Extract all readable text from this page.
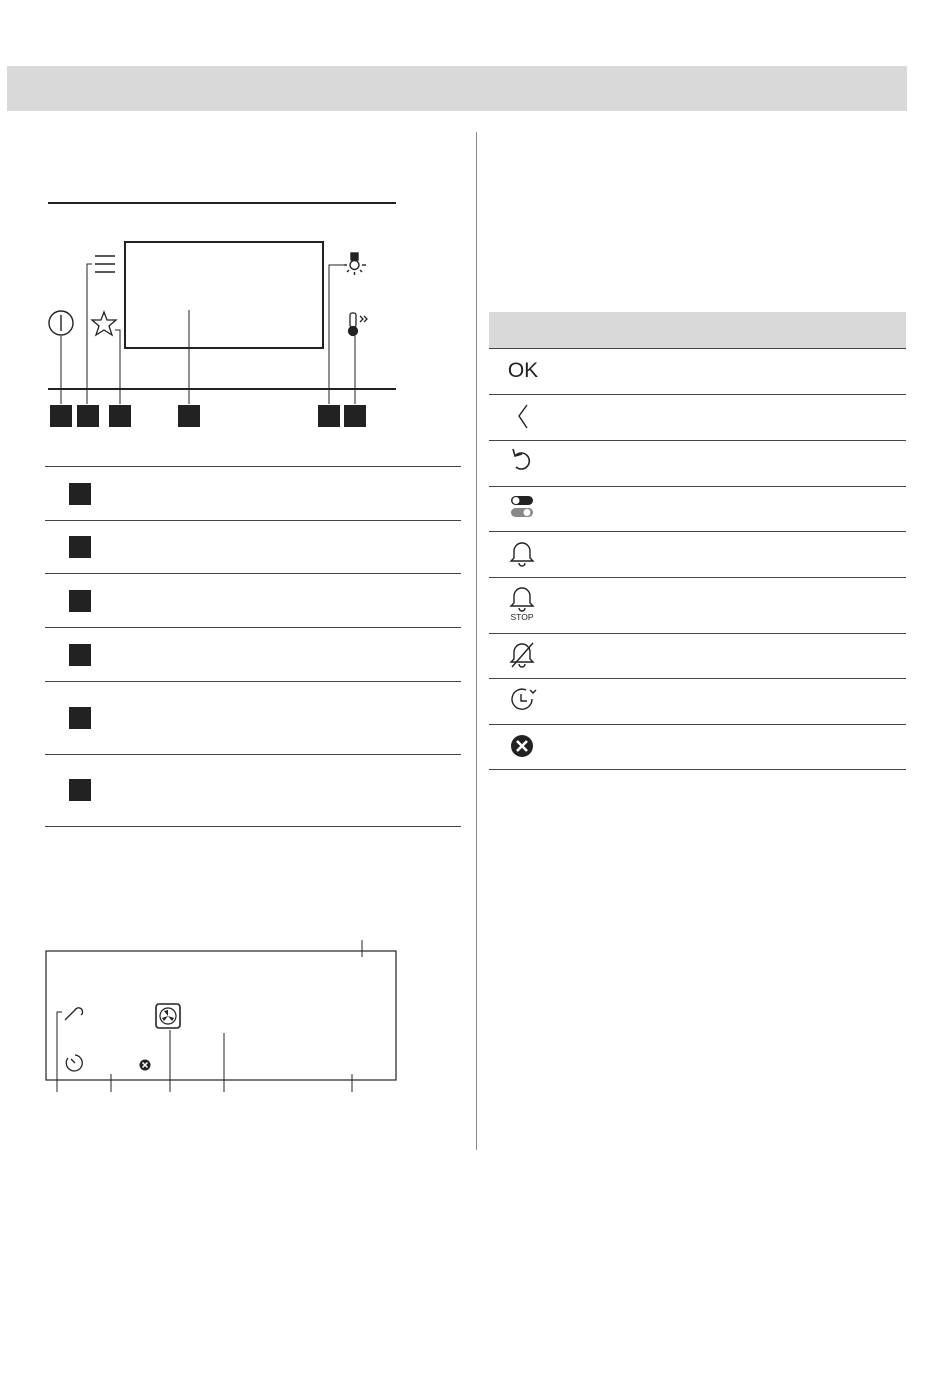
OK
STOP
